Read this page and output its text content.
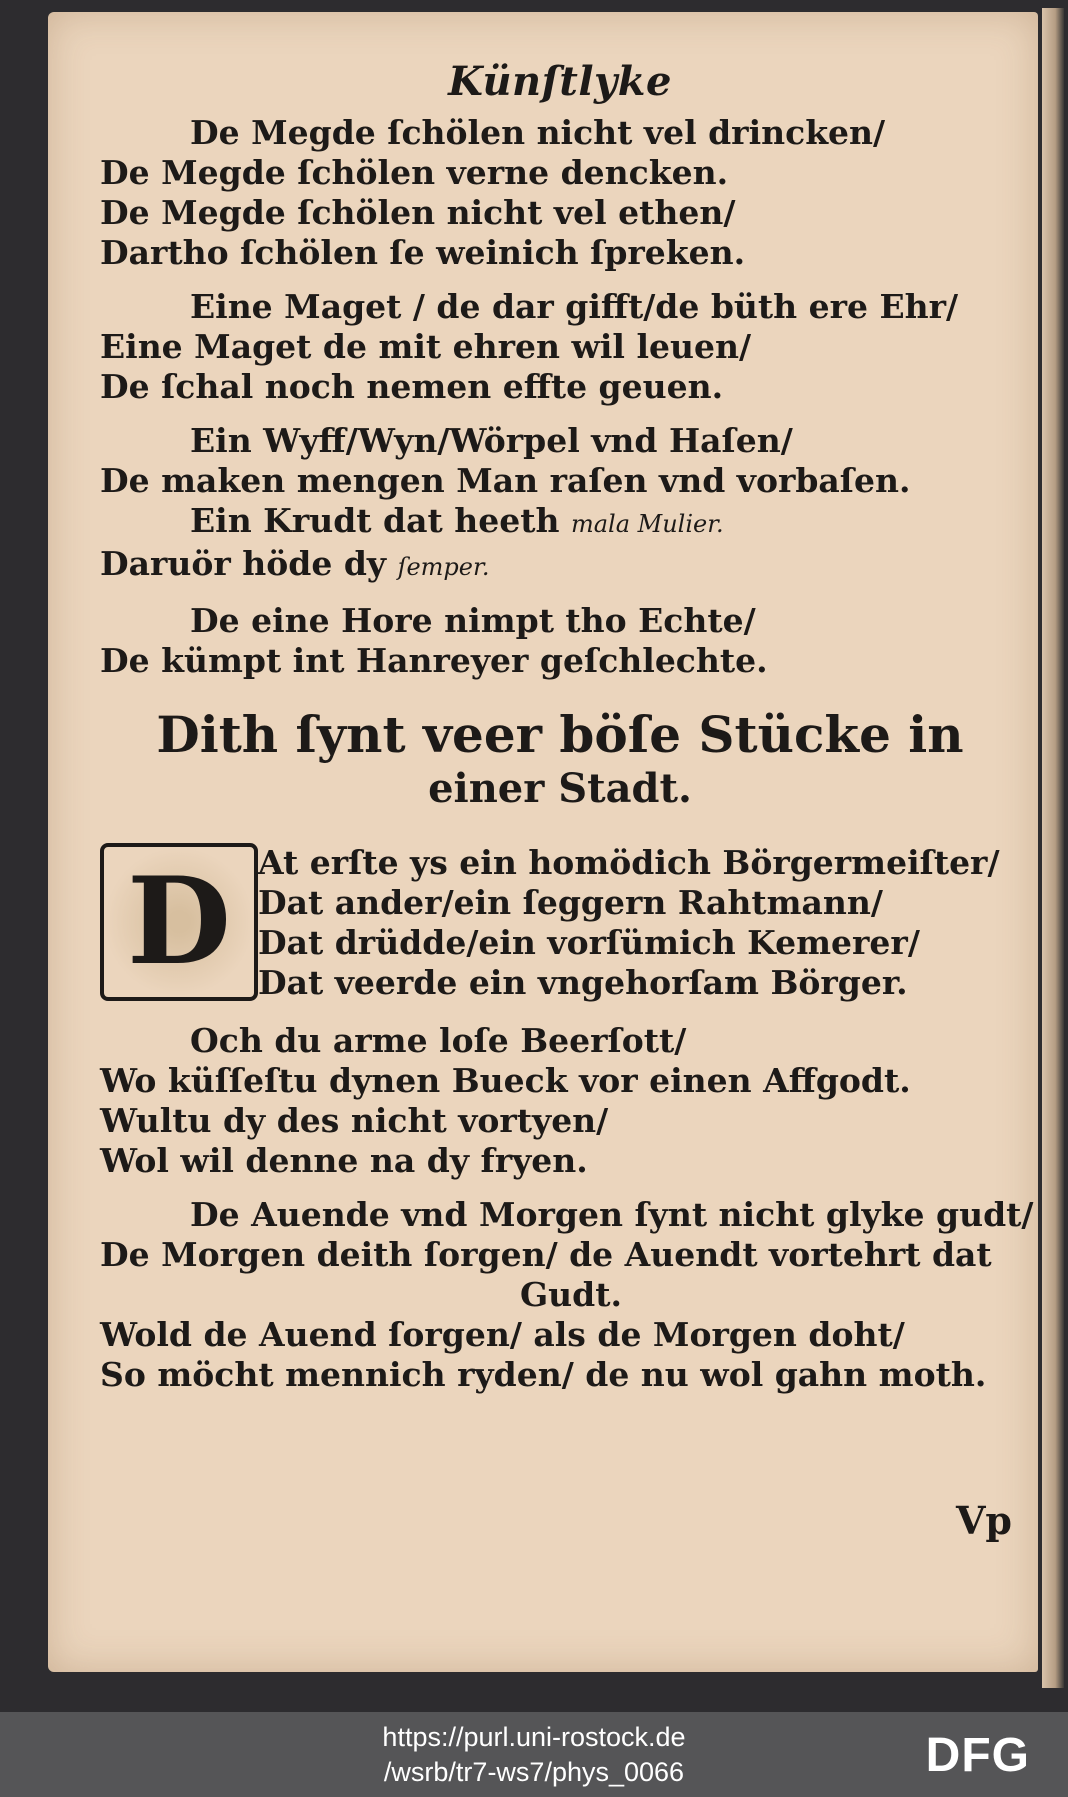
Künſtlyke
De Megde ſchölen nicht vel drincken/
De Megde ſchölen verne dencken.
De Megde ſchölen nicht vel ethen/
Dartho ſchölen ſe weinich ſpreken.
Eine Maget / de dar gifft/de büth ere Ehr/
Eine Maget de mit ehren wil leuen/
De ſchal noch nemen effte geuen.
Ein Wyff/Wyn/Wörpel vnd Haſen/
De maken mengen Man raſen vnd vorbaſen.
Ein Krudt dat heeth mala Mulier.
Daruör höde dy ſemper.
De eine Hore nimpt tho Echte/
De kümpt int Hanreyer geſchlechte.
Dith ſynt veer böſe Stücke in
einer Stadt.
D At erſte ys ein homödich Börgermeiſter/
Dat ander/ein ſeggern Rahtmann/
Dat drüdde/ein vorſümich Kemerer/
Dat veerde ein vngehorſam Börger.
Och du arme loſe Beerſott/
Wo küſſeſtu dynen Bueck vor einen Affgodt.
Wultu dy des nicht vortyen/
Wol wil denne na dy fryen.
De Auende vnd Morgen ſynt nicht glyke gudt/
De Morgen deith ſorgen/ de Auendt vortehrt dat
Gudt.
Wold de Auend ſorgen/ als de Morgen doht/
So möcht mennich ryden/ de nu wol gahn moth.
Vp
https://purl.uni-rostock.de
/wsrb/tr7-ws7/phys_0066	DFG
